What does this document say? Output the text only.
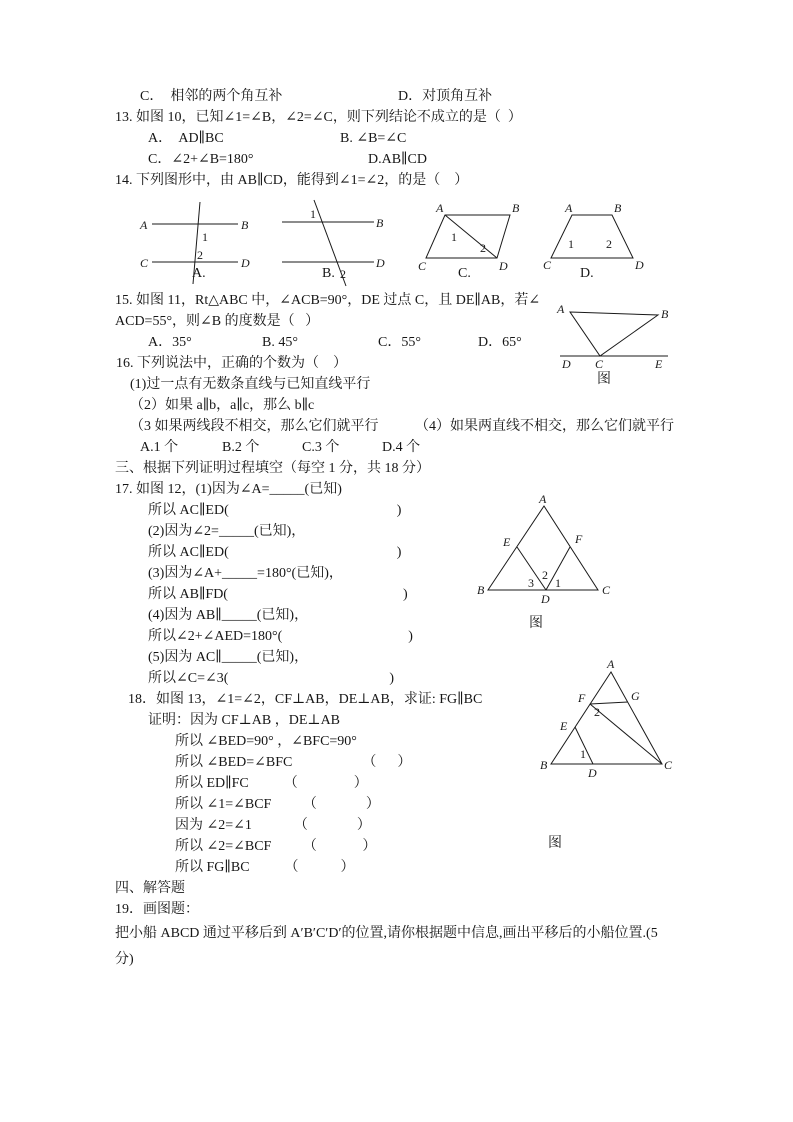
C．  相邻的两个角互补	D．对顶角互补
13. 如图 10，已知∠1=∠B，∠2=∠C，则下列结论不成立的是（  ）
A．  AD∥BC	B. ∠B=∠C
C．∠2+∠B=180°	D.AB∥CD
14. 下列图形中，由 AB∥CD，能得到∠1=∠2，的是（    ）
A	B
C	D
1
2
A.
B
D
1
2
B.
A	B
C	D
1
2
C.
A	B
C	D
1	2
D.
15. 如图 11，Rt△ABC 中，∠ACB=90°，DE 过点 C，且 DE∥AB，若∠
ACD=55°，则∠B 的度数是（   ）
A．35°	B. 45°	C．55°	D．65°
A	B
D C	E
图
16. 下列说法中，正确的个数为（    ）
(1)过一点有无数条直线与已知直线平行
（2）如果 a∥b，a∥c，那么 b∥c
（3 如果两线段不相交，那么它们就平行	（4）如果两直线不相交，那么它们就平行
A.1 个	B.2 个	C.3 个	D.4 个
三、根据下列证明过程填空（每空 1 分，共 18 分）
17. 如图 12，(1)因为∠A=_____(已知)
所以 AC∥ED(                                                )
(2)因为∠2=_____(已知)，
所以 AC∥ED(                                                )
(3)因为∠A+_____=180°(已知)，
所以 AB∥FD(                                                  )
(4)因为 AB∥_____(已知)，
所以∠2+∠AED=180°(                                    )
(5)因为 AC∥_____(已知)，
所以∠C=∠3(                                              )
A
B	C
E	F
D
3
2
1
图
18．如图 13，∠1=∠2，CF⊥AB，DE⊥AB，求证: FG∥BC
证明：因为 CF⊥AB ，DE⊥AB
所以 ∠BED=90° ，∠BFC=90°
所以 ∠BED=∠BFC                    （      ）
所以 ED∥FC          （                ）
所以 ∠1=∠BCF         （              ）
因为 ∠2=∠1            （              ）
所以 ∠2=∠BCF         （             ）
所以 FG∥BC          （            ）
A
B	C
F	G
E
D
2
1
图
四、解答题
19．画图题：
把小船 ABCD 通过平移后到 A′B′C′D′的位置,请你根据题中信息,画出平移后的小船位置.(5
分)
